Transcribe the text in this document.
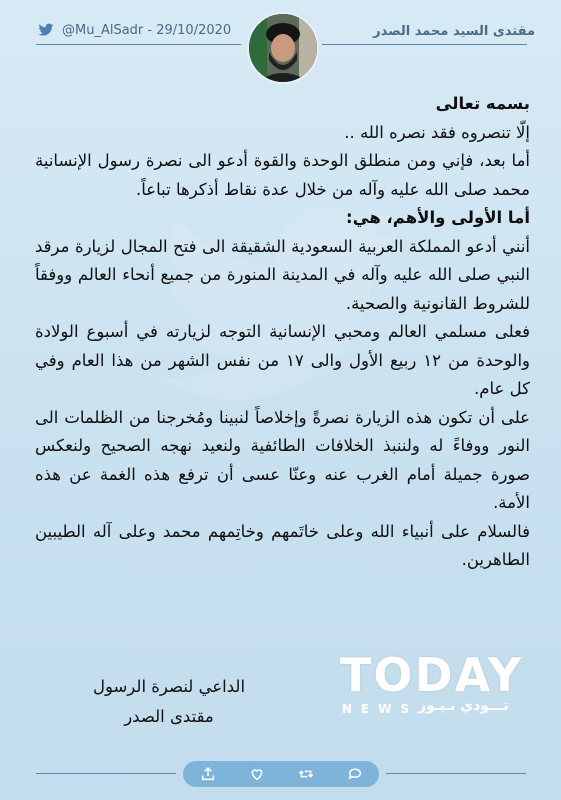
@Mu_AlSadr - 29/10/2020	مقتدى السيد محمد الصدر

بسمه تعالى

إلّا تنصروه فقد نصره الله ..

أما بعد، فإني ومن منطلق الوحدة والقوة أدعو الى نصرة رسول الإنسانية محمد صلى الله عليه وآله من خلال عدة نقاط أذكرها تباعاً.

أما الأولى والأهم، هي:

أنني أدعو المملكة العربية السعودية الشقيقة الى فتح المجال لزيارة مرقد النبي صلى الله عليه وآله في المدينة المنورة من جميع أنحاء العالم ووفقاً للشروط القانونية والصحية.

فعلى مسلمي العالم ومحبي الإنسانية التوجه لزيارته في أسبوع الولادة والوحدة من ١٢ ربيع الأول والى ١٧ من نفس الشهر من هذا العام وفي كل عام.

على أن تكون هذه الزيارة نصرةً وإخلاصاً لنبينا ومُخرجنا من الظلمات الى النور ووفاءً له ولننبذ الخلافات الطائفية ولنعيد نهجه الصحيح ولنعكس صورة جميلة أمام الغرب عنه وعنّا عسى أن ترفع هذه الغمة عن هذه الأمة.

فالسلام على أنبياء الله وعلى خاتَمهم وخاتِمهم محمد وعلى آله الطيبين الطاهرين.

الداعي لنصرة الرسول
مقتدى الصدر
TODAY
NEWS تـــودي نـيـوز
